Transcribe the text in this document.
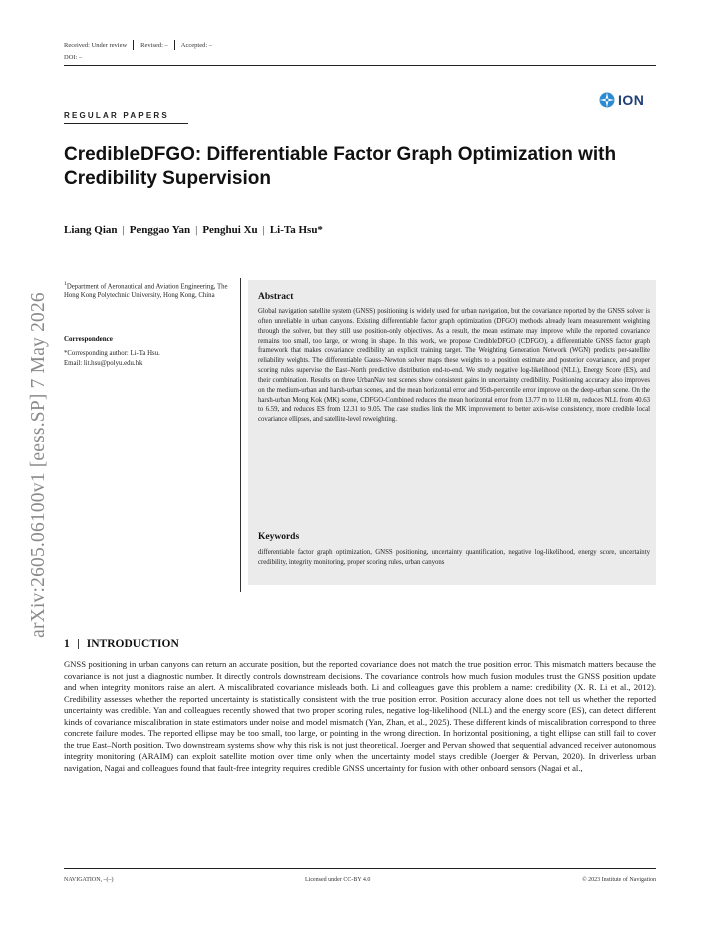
Received: Under review Revised: – Accepted: –
DOI: –
ION
REGULAR PAPERS
CredibleDFGO: Differentiable Factor Graph Optimization with Credibility Supervision
Liang Qian | Penggao Yan | Penghui Xu | Li-Ta Hsu*
arXiv:2605.06100v1 [eess.SP] 7 May 2026
$^1$Department of Aeronautical and Aviation Engineering, The Hong Kong Polytechnic University, Hong Kong, China
Correspondence
*Corresponding author: Li-Ta Hsu.
Email: lit.hsu@polyu.edu.hk
Abstract
Global navigation satellite system (GNSS) positioning is widely used for urban navigation, but the covariance reported by the GNSS solver is often unreliable in urban canyons. Existing differentiable factor graph optimization (DFGO) methods already learn measurement weighting through the solver, but they still use position-only objectives. As a result, the mean estimate may improve while the reported covariance remains too small, too large, or wrong in shape. In this work, we propose CredibleDFGO (CDFGO), a differentiable GNSS factor graph framework that makes covariance credibility an explicit training target. The Weighting Generation Network (WGN) predicts per-satellite reliability weights. The differentiable Gauss–Newton solver maps these weights to a position estimate and posterior covariance, and proper scoring rules supervise the East–North predictive distribution end-to-end. We study negative log-likelihood (NLL), Energy Score (ES), and their combination. Results on three UrbanNav test scenes show consistent gains in uncertainty credibility. Positioning accuracy also improves on the medium-urban and harsh-urban scenes, and the mean horizontal error and 95th-percentile error improve on the deep-urban scene. On the harsh-urban Mong Kok (MK) scene, CDFGO-Combined reduces the mean horizontal error from 13.77 m to 11.68 m, reduces NLL from 40.63 to 6.59, and reduces ES from 12.31 to 9.05. The case studies link the MK improvement to better axis-wise consistency, more credible local covariance ellipses, and satellite-level reweighting.
Keywords
differentiable factor graph optimization, GNSS positioning, uncertainty quantification, negative log-likelihood, energy score, uncertainty credibility, integrity monitoring, proper scoring rules, urban canyons
1 INTRODUCTION
GNSS positioning in urban canyons can return an accurate position, but the reported covariance does not match the true position error. This mismatch matters because the covariance is not just a diagnostic number. It directly controls downstream decisions. The covariance controls how much fusion modules trust the GNSS position update and when integrity monitors raise an alert. A miscalibrated covariance misleads both. Li and colleagues gave this problem a name: credibility (X. R. Li et al., 2012). Credibility assesses whether the reported uncertainty is statistically consistent with the true position error. Position accuracy alone does not tell us whether the reported uncertainty was credible. Yan and colleagues recently showed that two proper scoring rules, negative log-likelihood (NLL) and the energy score (ES), can detect different kinds of covariance miscalibration in state estimators under noise and model mismatch (Yan, Zhan, et al., 2025). These different kinds of miscalibration correspond to three concrete failure modes. The reported ellipse may be too small, too large, or pointing in the wrong direction. In horizontal positioning, a tight ellipse can still fail to cover the true East–North position. Two downstream systems show why this risk is not just theoretical. Joerger and Pervan showed that sequential advanced receiver autonomous integrity monitoring (ARAIM) can exploit satellite motion over time only when the uncertainty model stays credible (Joerger & Pervan, 2020). In driverless urban navigation, Nagai and colleagues found that fault-free integrity requires credible GNSS uncertainty for fusion with other onboard sensors (Nagai et al.,
NAVIGATION, –(–)	Licensed under CC-BY 4.0	© 2023 Institute of Navigation
